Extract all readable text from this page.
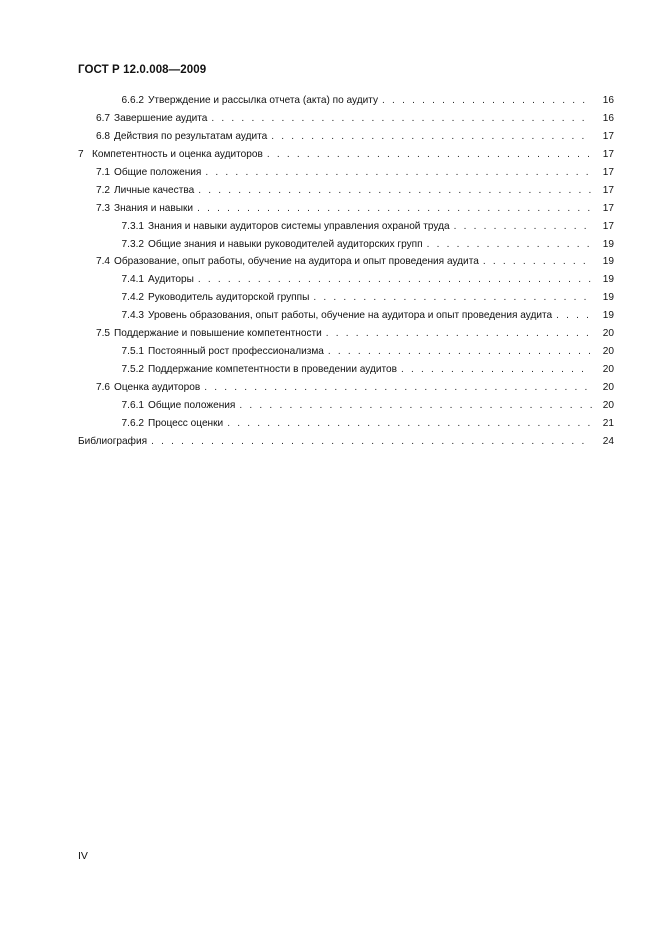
ГОСТ Р 12.0.008—2009
6.6.2 Утверждение и рассылка отчета (акта) по аудиту . . .	16
6.7 Завершение аудита . . .	16
6.8 Действия по результатам аудита . . .	17
7 Компетентность и оценка аудиторов . . .	17
7.1 Общие положения . . .	17
7.2 Личные качества . . .	17
7.3 Знания и навыки . . .	17
7.3.1 Знания и навыки аудиторов системы управления охраной труда . . .	17
7.3.2 Общие знания и навыки руководителей аудиторских групп . . .	19
7.4 Образование, опыт работы, обучение на аудитора и опыт проведения аудита . . .	19
7.4.1 Аудиторы . . .	19
7.4.2 Руководитель аудиторской группы . . .	19
7.4.3 Уровень образования, опыт работы, обучение на аудитора и опыт проведения аудита . . .	19
7.5 Поддержание и повышение компетентности . . .	20
7.5.1 Постоянный рост профессионализма . . .	20
7.5.2 Поддержание компетентности в проведении аудитов . . .	20
7.6 Оценка аудиторов . . .	20
7.6.1 Общие положения . . .	20
7.6.2 Процесс оценки . . .	21
Библиография . . .	24
IV
